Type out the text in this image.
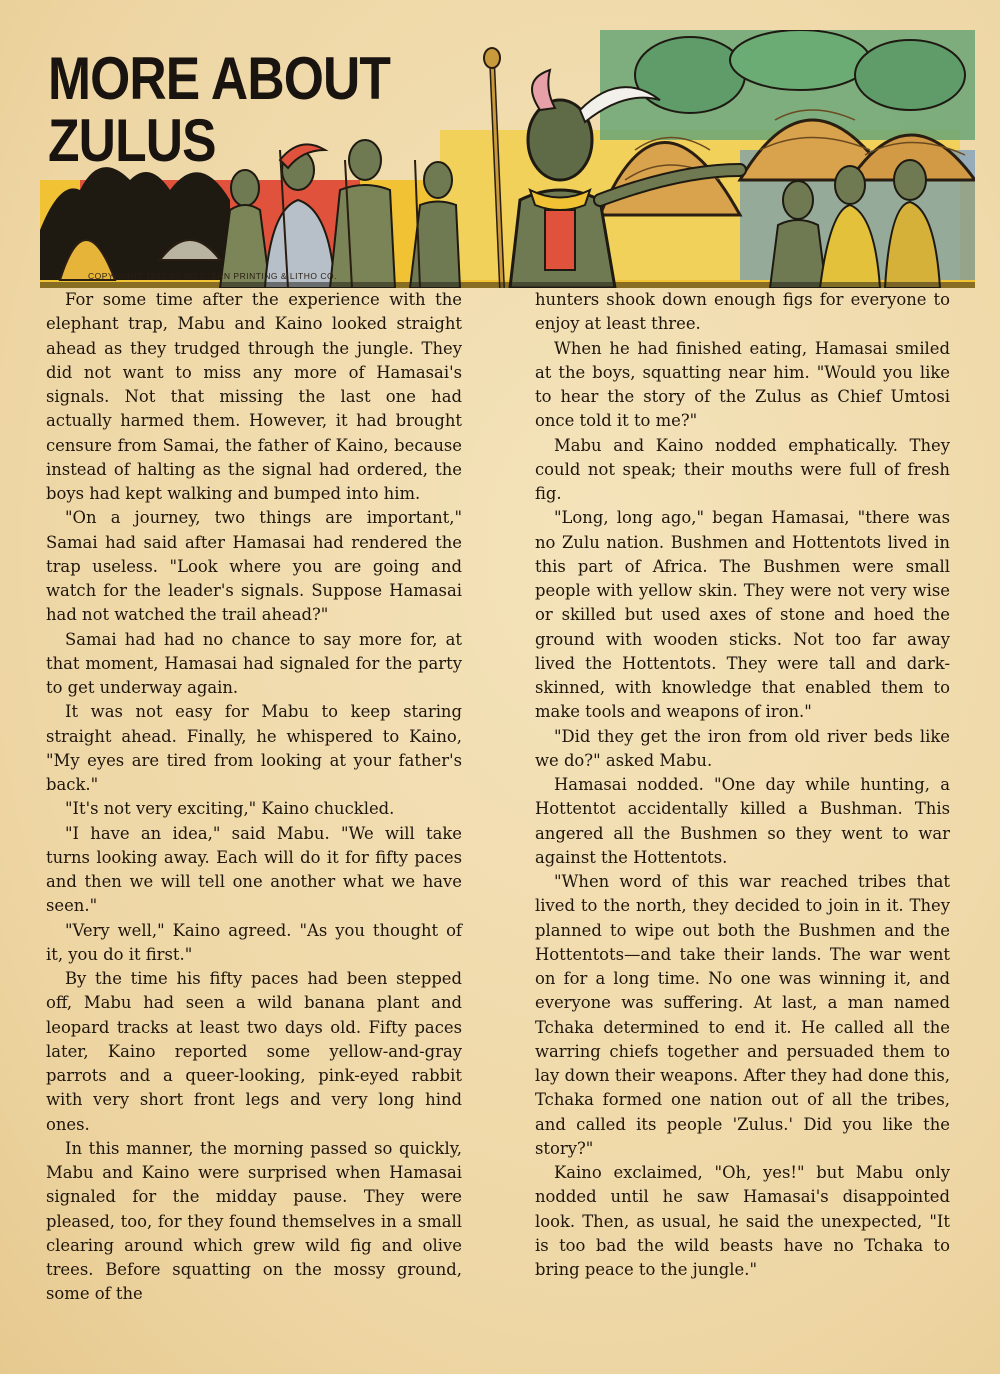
MORE ABOUT
ZULUS
COPYRIGHT 1957 BY WESTERN PRINTING & LITHO CO.

For some time after the experience with the elephant trap, Mabu and Kaino looked straight ahead as they trudged through the jungle. They did not want to miss any more of Hamasai's signals. Not that missing the last one had actually harmed them. However, it had brought censure from Samai, the father of Kaino, because instead of halting as the signal had ordered, the boys had kept walking and bumped into him.

"On a journey, two things are important," Samai had said after Hamasai had rendered the trap useless. "Look where you are going and watch for the leader's signals. Suppose Hamasai had not watched the trail ahead?"

Samai had had no chance to say more for, at that moment, Hamasai had signaled for the party to get underway again.

It was not easy for Mabu to keep staring straight ahead. Finally, he whispered to Kaino, "My eyes are tired from looking at your father's back."

"It's not very exciting," Kaino chuckled.

"I have an idea," said Mabu. "We will take turns looking away. Each will do it for fifty paces and then we will tell one another what we have seen."

"Very well," Kaino agreed. "As you thought of it, you do it first."

By the time his fifty paces had been stepped off, Mabu had seen a wild banana plant and leopard tracks at least two days old. Fifty paces later, Kaino reported some yellow-and-gray parrots and a queer-looking, pink-eyed rabbit with very short front legs and very long hind ones.

In this manner, the morning passed so quickly, Mabu and Kaino were surprised when Hamasai signaled for the midday pause. They were pleased, too, for they found themselves in a small clearing around which grew wild fig and olive trees. Before squatting on the mossy ground, some of the

hunters shook down enough figs for everyone to enjoy at least three.

When he had finished eating, Hamasai smiled at the boys, squatting near him. "Would you like to hear the story of the Zulus as Chief Umtosi once told it to me?"

Mabu and Kaino nodded emphatically. They could not speak; their mouths were full of fresh fig.

"Long, long ago," began Hamasai, "there was no Zulu nation. Bushmen and Hottentots lived in this part of Africa. The Bushmen were small people with yellow skin. They were not very wise or skilled but used axes of stone and hoed the ground with wooden sticks. Not too far away lived the Hottentots. They were tall and dark-skinned, with knowledge that enabled them to make tools and weapons of iron."

"Did they get the iron from old river beds like we do?" asked Mabu.

Hamasai nodded. "One day while hunting, a Hottentot accidentally killed a Bushman. This angered all the Bushmen so they went to war against the Hottentots.

"When word of this war reached tribes that lived to the north, they decided to join in it. They planned to wipe out both the Bushmen and the Hottentots—and take their lands. The war went on for a long time. No one was winning it, and everyone was suffering. At last, a man named Tchaka determined to end it. He called all the warring chiefs together and persuaded them to lay down their weapons. After they had done this, Tchaka formed one nation out of all the tribes, and called its people 'Zulus.' Did you like the story?"

Kaino exclaimed, "Oh, yes!" but Mabu only nodded until he saw Hamasai's disappointed look. Then, as usual, he said the unexpected, "It is too bad the wild beasts have no Tchaka to bring peace to the jungle."
